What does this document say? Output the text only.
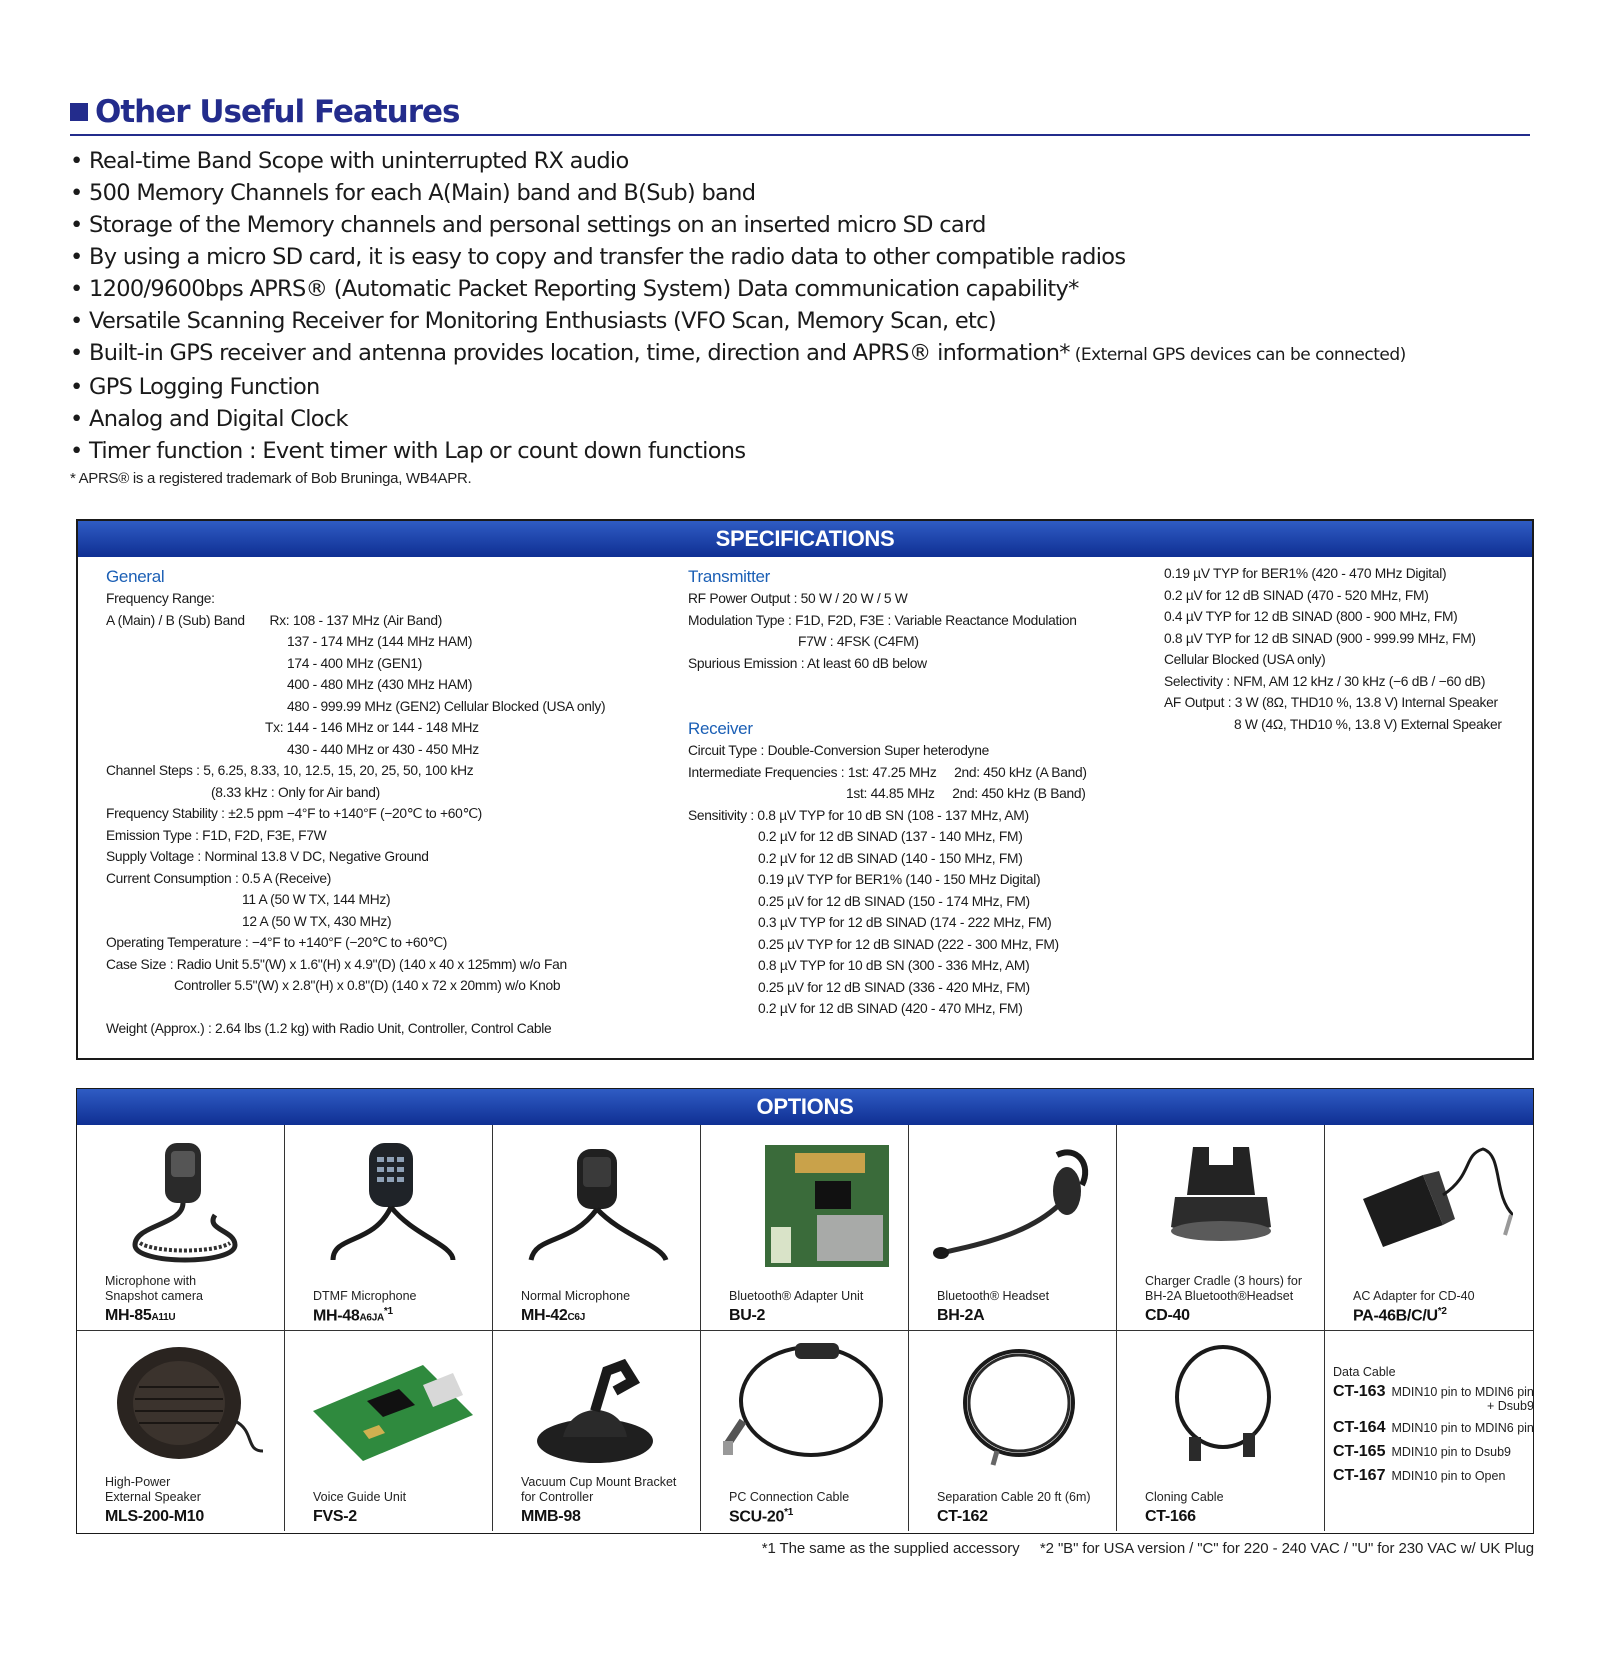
Other Useful Features
• Real-time Band Scope with uninterrupted RX audio
• 500 Memory Channels for each A(Main) band and B(Sub) band
• Storage of the Memory channels and personal settings on an inserted micro SD card
• By using a micro SD card, it is easy to copy and transfer the radio data to other compatible radios
• 1200/9600bps APRS® (Automatic Packet Reporting System) Data communication capability*
• Versatile Scanning Receiver for Monitoring Enthusiasts (VFO Scan, Memory Scan, etc)
• Built-in GPS receiver and antenna provides location, time, direction and APRS® information* (External GPS devices can be connected)
• GPS Logging Function
• Analog and Digital Clock
• Timer function : Event timer with Lap or count down functions
* APRS® is a registered trademark of Bob Bruninga, WB4APR.
SPECIFICATIONS
General
Frequency Range:
A (Main) / B (Sub) Band       Rx: 108 - 137 MHz (Air Band)
137 - 174 MHz (144 MHz HAM)
174 - 400 MHz (GEN1)
400 - 480 MHz (430 MHz HAM)
480 - 999.99 MHz (GEN2) Cellular Blocked (USA only)
Tx: 144 - 146 MHz or 144 - 148 MHz
430 - 440 MHz or 430 - 450 MHz
Channel Steps : 5, 6.25, 8.33, 10, 12.5, 15, 20, 25, 50, 100 kHz
(8.33 kHz : Only for Air band)
Frequency Stability : ±2.5 ppm −4°F to +140°F (−20℃ to +60℃)
Emission Type : F1D, F2D, F3E, F7W
Supply Voltage : Norminal 13.8 V DC, Negative Ground
Current Consumption : 0.5 A (Receive)
11 A (50 W TX, 144 MHz)
12 A (50 W TX, 430 MHz)
Operating Temperature : −4°F to +140°F (−20℃ to +60℃)
Case Size : Radio Unit 5.5"(W) x 1.6"(H) x 4.9"(D) (140 x 40 x 125mm) w/o Fan
Controller 5.5"(W) x 2.8"(H) x 0.8"(D) (140 x 72 x 20mm) w/o Knob
Weight (Approx.) : 2.64 lbs (1.2 kg) with Radio Unit, Controller, Control Cable
Transmitter
RF Power Output : 50 W / 20 W / 5 W
Modulation Type : F1D, F2D, F3E : Variable Reactance Modulation
F7W : 4FSK (C4FM)
Spurious Emission : At least 60 dB below
Receiver
Circuit Type : Double-Conversion Super heterodyne
Intermediate Frequencies : 1st: 47.25 MHz     2nd: 450 kHz (A Band)
1st: 44.85 MHz     2nd: 450 kHz (B Band)
Sensitivity : 0.8 µV TYP for 10 dB SN (108 - 137 MHz, AM)
0.2 µV for 12 dB SINAD (137 - 140 MHz, FM)
0.2 µV for 12 dB SINAD (140 - 150 MHz, FM)
0.19 µV TYP for BER1% (140 - 150 MHz Digital)
0.25 µV for 12 dB SINAD (150 - 174 MHz, FM)
0.3 µV TYP for 12 dB SINAD (174 - 222 MHz, FM)
0.25 µV TYP for 12 dB SINAD (222 - 300 MHz, FM)
0.8 µV TYP for 10 dB SN (300 - 336 MHz, AM)
0.25 µV for 12 dB SINAD (336 - 420 MHz, FM)
0.2 µV for 12 dB SINAD (420 - 470 MHz, FM)
0.19 µV TYP for BER1% (420 - 470 MHz Digital)
0.2 µV for 12 dB SINAD (470 - 520 MHz, FM)
0.4 µV TYP for 12 dB SINAD (800 - 900 MHz, FM)
0.8 µV TYP for 12 dB SINAD (900 - 999.99 MHz, FM)
Cellular Blocked (USA only)
Selectivity : NFM, AM 12 kHz / 30 kHz (−6 dB / −60 dB)
AF Output : 3 W (8Ω, THD10 %, 13.8 V) Internal Speaker
8 W (4Ω, THD10 %, 13.8 V) External Speaker
OPTIONS
Microphone with
Snapshot camera
MH-85A11U
DTMF Microphone
MH-48A6JA$^{*1}$
Normal Microphone
MH-42C6J
Bluetooth® Adapter Unit
BU-2
Bluetooth® Headset
BH-2A
Charger Cradle (3 hours) for
BH-2A Bluetooth®Headset
CD-40
AC Adapter for CD-40
$PA-46B/C/U^{*2}$
High-Power
External Speaker
MLS-200-M10
Voice Guide Unit
FVS-2
Vacuum Cup Mount Bracket
for Controller
MMB-98
PC Connection Cable
SCU-20$^{*1}$
Separation Cable 20 ft (6m)
CT-162
Cloning Cable
CT-166
Data Cable
CT-163 MDIN10 pin to MDIN6 pin
+ Dsub9
CT-164 MDIN10 pin to MDIN6 pin
CT-165 MDIN10 pin to Dsub9
CT-167 MDIN10 pin to Open
*1 The same as the supplied accessory     *2 "B" for USA version / "C" for 220 - 240 VAC / "U" for 230 VAC w/ UK Plug
